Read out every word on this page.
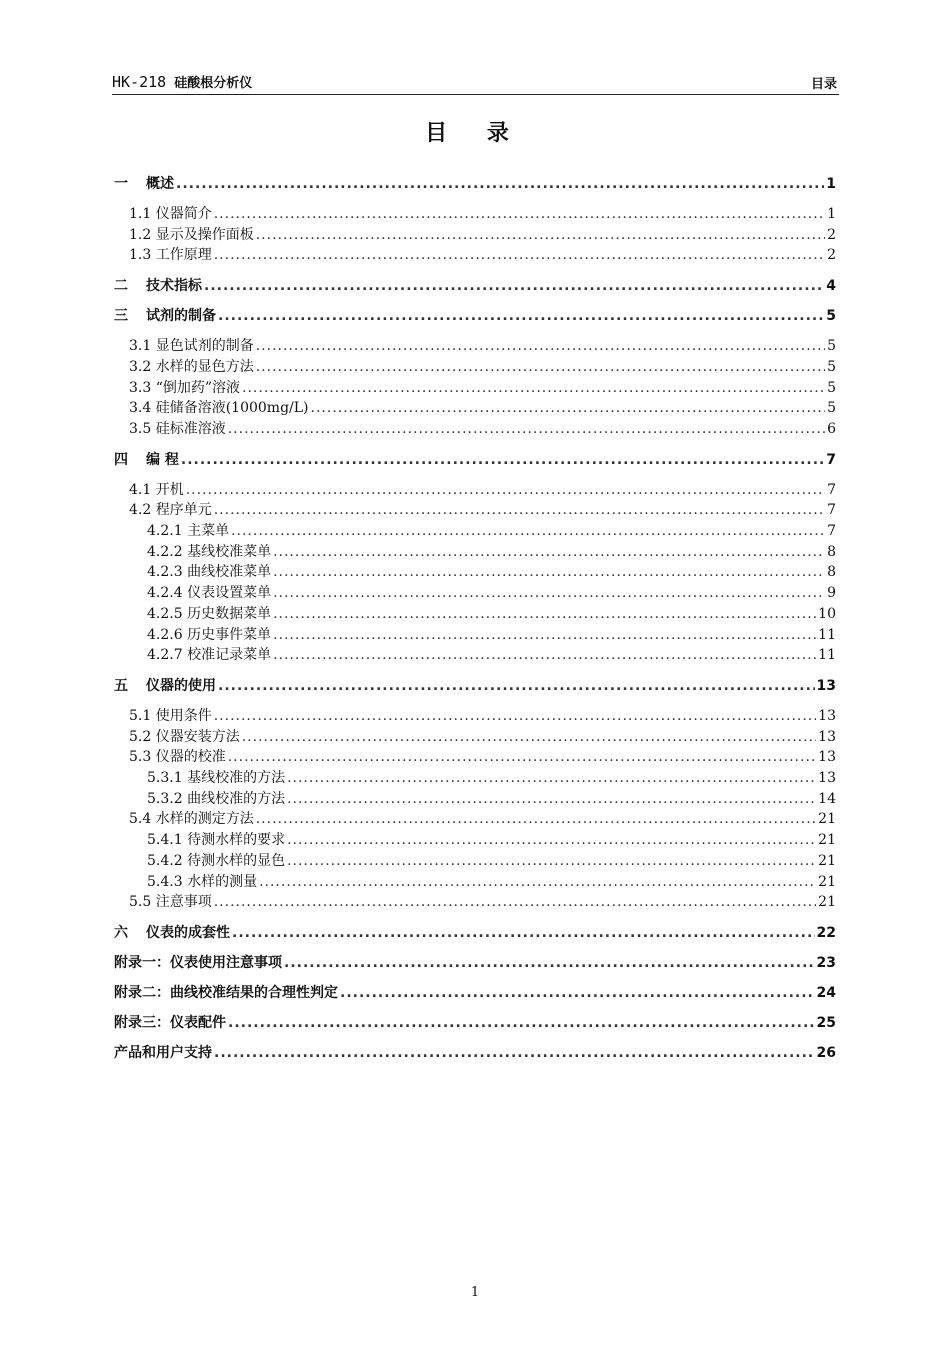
HK-218 硅酸根分析仪	目录
目 录
一 概述 .....	1
1.1 仪器简介 .....	1
1.2 显示及操作面板 .....	2
1.3 工作原理 .....	2
二 技术指标 .....	4
三 试剂的制备 .....	5
3.1 显色试剂的制备 .....	5
3.2 水样的显色方法 .....	5
3.3 “倒加药”溶液 .....	5
3.4 硅储备溶液(1000mg/L) .....	5
3.5 硅标准溶液 .....	6
四 编 程 .....	7
4.1 开机 .....	7
4.2 程序单元 .....	7
4.2.1 主菜单 .....	7
4.2.2 基线校准菜单 .....	8
4.2.3 曲线校准菜单 .....	8
4.2.4 仪表设置菜单 .....	9
4.2.5 历史数据菜单 .....	10
4.2.6 历史事件菜单 .....	11
4.2.7 校准记录菜单 .....	11
五 仪器的使用 .....	13
5.1 使用条件 .....	13
5.2 仪器安装方法 .....	13
5.3 仪器的校准 .....	13
5.3.1 基线校准的方法 .....	13
5.3.2 曲线校准的方法 .....	14
5.4 水样的测定方法 .....	21
5.4.1 待测水样的要求 .....	21
5.4.2 待测水样的显色 .....	21
5.4.3 水样的测量 .....	21
5.5 注意事项 .....	21
六 仪表的成套性 .....	22
附录一：仪表使用注意事项 .....	23
附录二：曲线校准结果的合理性判定 .....	24
附录三：仪表配件 .....	25
产品和用户支持 .....	26
1
